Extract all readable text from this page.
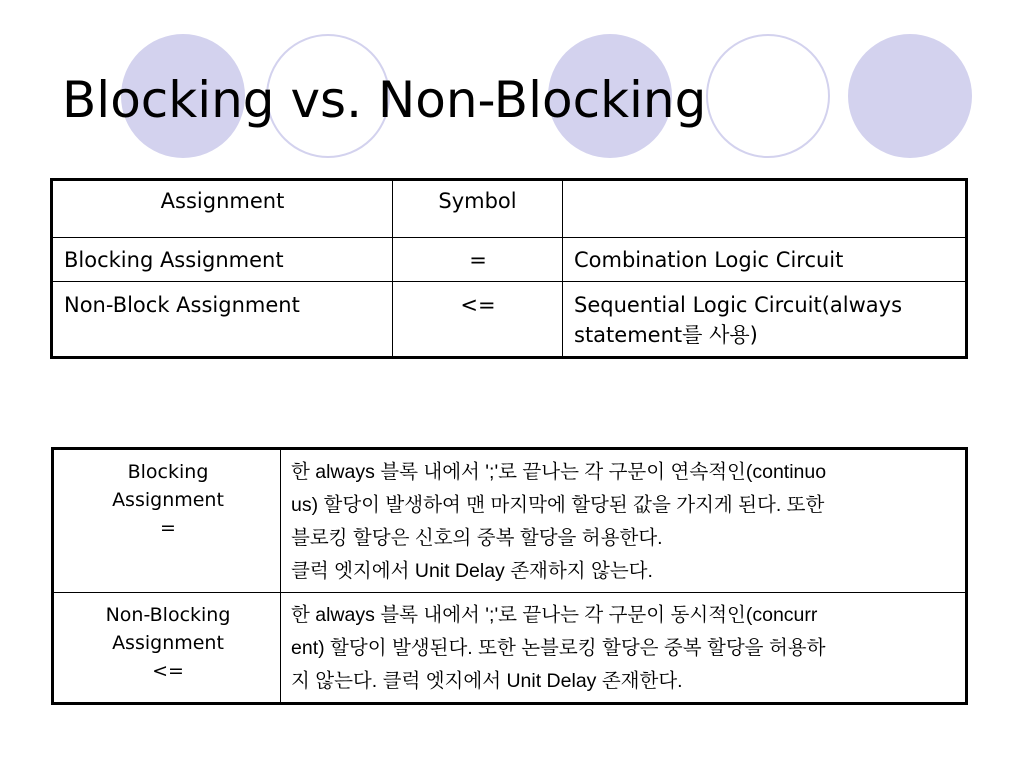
Blocking vs. Non-Blocking
Assignment	Symbol	
Blocking Assignment	=	Combination Logic Circuit
Non-Block Assignment	<=	Sequential Logic Circuit(always
statement를 사용)
Blocking
Assignment
=	한 always 블록 내에서 ';'로 끝나는 각 구문이 연속적인(continuo
us) 할당이 발생하여 맨 마지막에 할당된 값을 가지게 된다. 또한
블로킹 할당은 신호의 중복 할당을 허용한다.
클럭 엣지에서 Unit Delay 존재하지 않는다.

Non-Blocking
Assignment
<=	한 always 블록 내에서 ';'로 끝나는 각 구문이 동시적인(concurr
ent) 할당이 발생된다. 또한 논블로킹 할당은 중복 할당을 허용하
지 않는다. 클럭 엣지에서 Unit Delay 존재한다.
